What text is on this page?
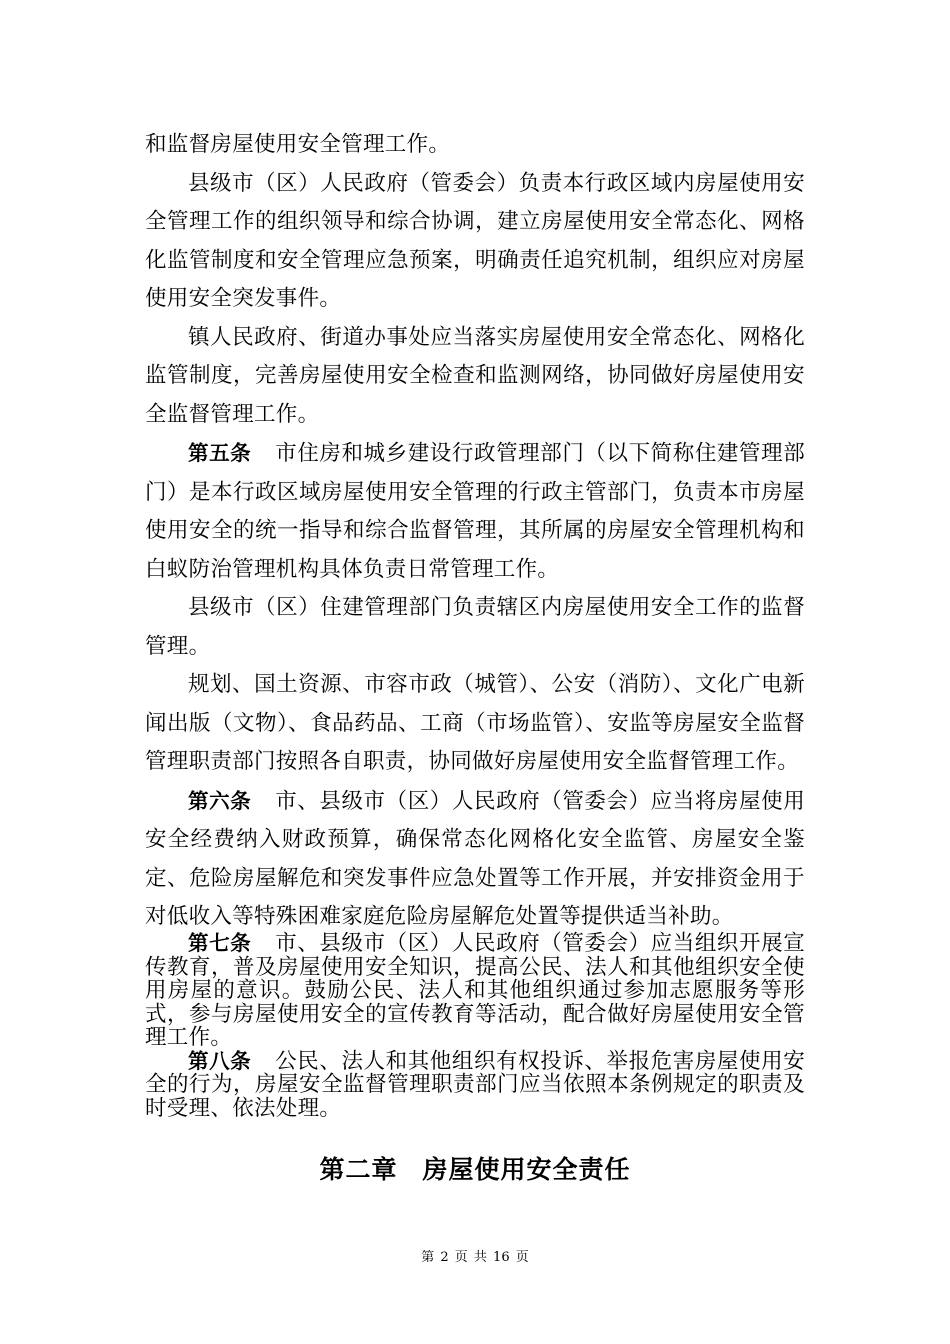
和监督房屋使用安全管理工作。

县级市（区）人民政府（管委会）负责本行政区域内房屋使用安全管理工作的组织领导和综合协调，建立房屋使用安全常态化、网格化监管制度和安全管理应急预案，明确责任追究机制，组织应对房屋使用安全突发事件。

镇人民政府、街道办事处应当落实房屋使用安全常态化、网格化监管制度，完善房屋使用安全检查和监测网络，协同做好房屋使用安全监督管理工作。

第五条 市住房和城乡建设行政管理部门（以下简称住建管理部门）是本行政区域房屋使用安全管理的行政主管部门，负责本市房屋使用安全的统一指导和综合监督管理，其所属的房屋安全管理机构和白蚁防治管理机构具体负责日常管理工作。

县级市（区）住建管理部门负责辖区内房屋使用安全工作的监督管理。

规划、国土资源、市容市政（城管）、公安（消防）、文化广电新闻出版（文物）、食品药品、工商（市场监管）、安监等房屋安全监督管理职责部门按照各自职责，协同做好房屋使用安全监督管理工作。

第六条 市、县级市（区）人民政府（管委会）应当将房屋使用安全经费纳入财政预算，确保常态化网格化安全监管、房屋安全鉴定、危险房屋解危和突发事件应急处置等工作开展，并安排资金用于对低收入等特殊困难家庭危险房屋解危处置等提供适当补助。

第七条 市、县级市（区）人民政府（管委会）应当组织开展宣传教育，普及房屋使用安全知识，提高公民、法人和其他组织安全使用房屋的意识。鼓励公民、法人和其他组织通过参加志愿服务等形式，参与房屋使用安全的宣传教育等活动，配合做好房屋使用安全管理工作。

第八条 公民、法人和其他组织有权投诉、举报危害房屋使用安全的行为，房屋安全监督管理职责部门应当依照本条例规定的职责及时受理、依法处理。

第二章 房屋使用安全责任
第 2 页 共 16 页
